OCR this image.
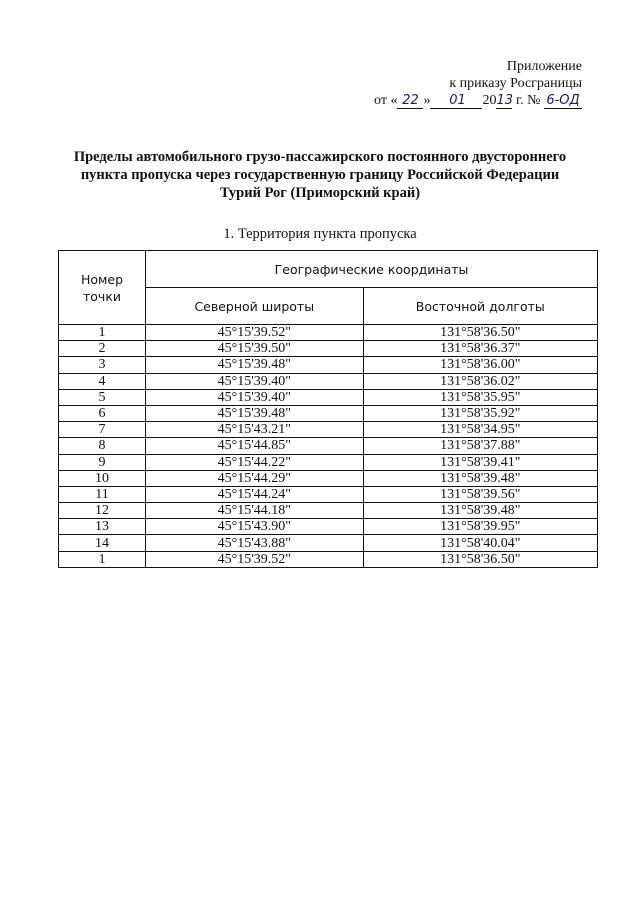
Приложение
к приказу Росграницы
от « 22 » 01 2013 г. № 6-ОД
Пределы автомобильного грузо-пассажирского постоянного двустороннего
пункта пропуска через государственную границу Российской Федерации
Турий Рог (Приморский край)
1. Территория пункта пропуска
Номер
точки	Географические координаты	
	Северной широты	Восточной долготы
1	45°15'39.52"	131°58'36.50"
2	45°15'39.50"	131°58'36.37"
3	45°15'39.48"	131°58'36.00"
4	45°15'39.40"	131°58'36.02"
5	45°15'39.40"	131°58'35.95"
6	45°15'39.48"	131°58'35.92"
7	45°15'43.21"	131°58'34.95"
8	45°15'44.85"	131°58'37.88"
9	45°15'44.22"	131°58'39.41"
10	45°15'44.29"	131°58'39.48"
11	45°15'44.24"	131°58'39.56"
12	45°15'44.18"	131°58'39.48"
13	45°15'43.90"	131°58'39.95"
14	45°15'43.88"	131°58'40.04"
1	45°15'39.52"	131°58'36.50"
